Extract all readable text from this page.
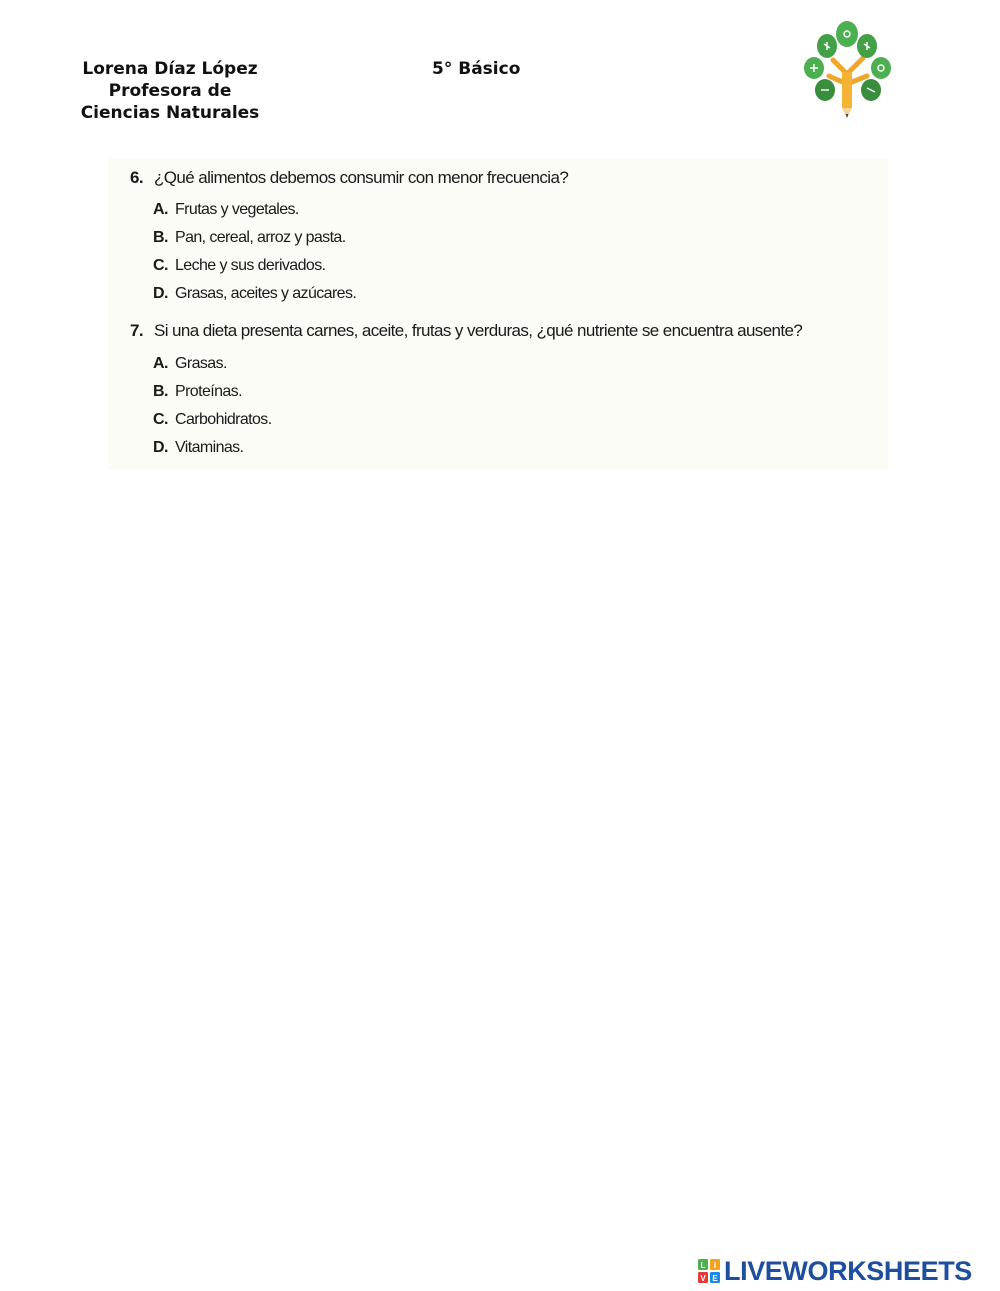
Lorena Díaz López
Profesora de
Ciencias Naturales
5° Básico
6. ¿Qué alimentos debemos consumir con menor frecuencia?
A. Frutas y vegetales.
B. Pan, cereal, arroz y pasta.
C. Leche y sus derivados.
D. Grasas, aceites y azúcares.
7. Si una dieta presenta carnes, aceite, frutas y verduras, ¿qué nutriente se encuentra ausente?
A. Grasas.
B. Proteínas.
C. Carbohidratos.
D. Vitaminas.
L I
V E LIVEWORKSHEETS
